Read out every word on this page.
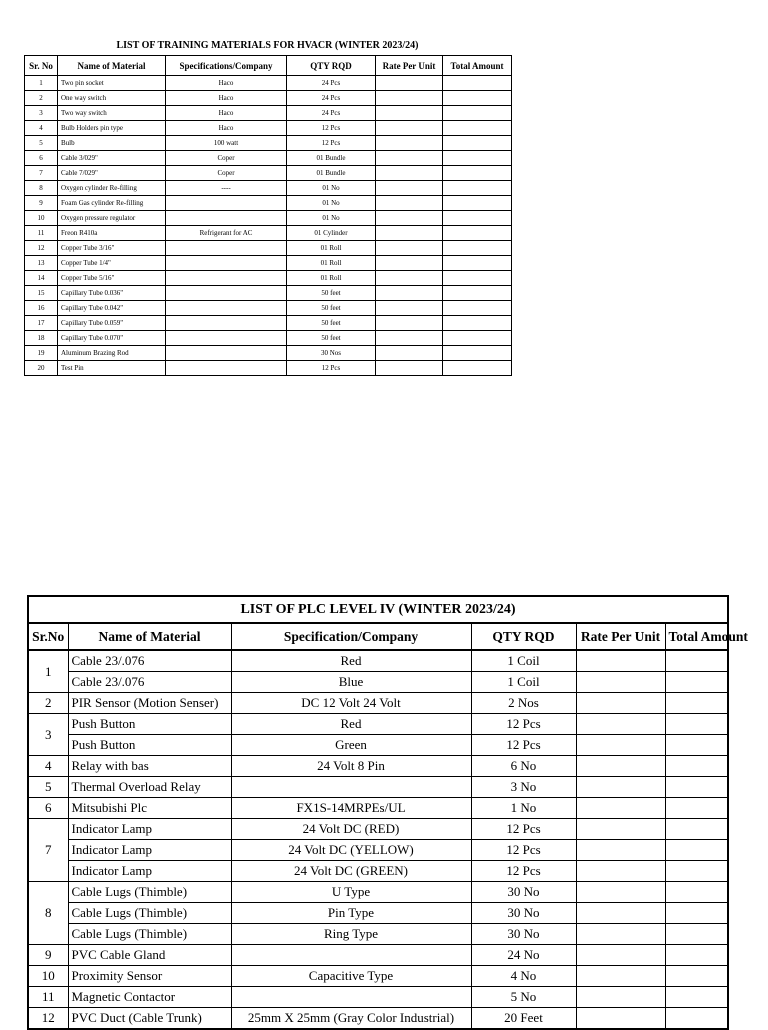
LIST OF TRAINING MATERIALS FOR HVACR (WINTER 2023/24)
Sr. No	Name of Material	Specifications/Company	QTY RQD	Rate Per Unit	Total Amount
1	Two pin socket	Haco	24 Pcs		
2	One way switch	Haco	24 Pcs		
3	Two way switch	Haco	24 Pcs		
4	Bulb Holders pin type	Haco	12 Pcs		
5	Bulb	100 watt	12 Pcs		
6	Cable 3/029"	Coper	01 Bundle		
7	Cable 7/029"	Coper	01 Bundle		
8	Oxygen cylinder Re-filling	----	01 No		
9	Foam Gas cylinder Re-filling		01 No		
10	Oxygen pressure regulator		01 No		
11	Freon R410a	Refrigerant for AC	01 Cylinder		
12	Copper Tube 3/16"		01 Roll		
13	Copper Tube 1/4"		01 Roll		
14	Copper Tube 5/16"		01 Roll		
15	Capillary Tube 0.036"		50 feet		
16	Capillary Tube 0.042"		50 feet		
17	Capillary Tube 0.059"		50 feet		
18	Capillary Tube 0.070"		50 feet		
19	Aluminum Brazing Rod		30 Nos		
20	Test Pin		12 Pcs		
LIST OF PLC LEVEL IV (WINTER 2023/24)					
Sr.No	Name of Material	Specification/Company	QTY RQD	Rate Per Unit	Total Amount
1	Cable 23/.076	Red	1 Coil		
	Cable 23/.076	Blue	1 Coil		
2	PIR Sensor (Motion Senser)	DC 12 Volt 24 Volt	2 Nos		
3	Push Button	Red	12 Pcs		
	Push Button	Green	12 Pcs		
4	Relay with bas	24 Volt 8 Pin	6 No		
5	Thermal Overload Relay		3 No		
6	Mitsubishi Plc	FX1S-14MRPEs/UL	1 No		
7	Indicator Lamp	24 Volt DC (RED)	12 Pcs		
	Indicator Lamp	24 Volt DC (YELLOW)	12 Pcs		
	Indicator Lamp	24 Volt DC (GREEN)	12 Pcs		
8	Cable Lugs (Thimble)	U Type	30 No		
	Cable Lugs (Thimble)	Pin Type	30 No		
	Cable Lugs (Thimble)	Ring Type	30 No		
9	PVC Cable Gland		24 No		
10	Proximity Sensor	Capacitive Type	4 No		
11	Magnetic Contactor		5 No		
12	PVC Duct (Cable Trunk)	25mm X 25mm (Gray Color Industrial)	20 Feet		
